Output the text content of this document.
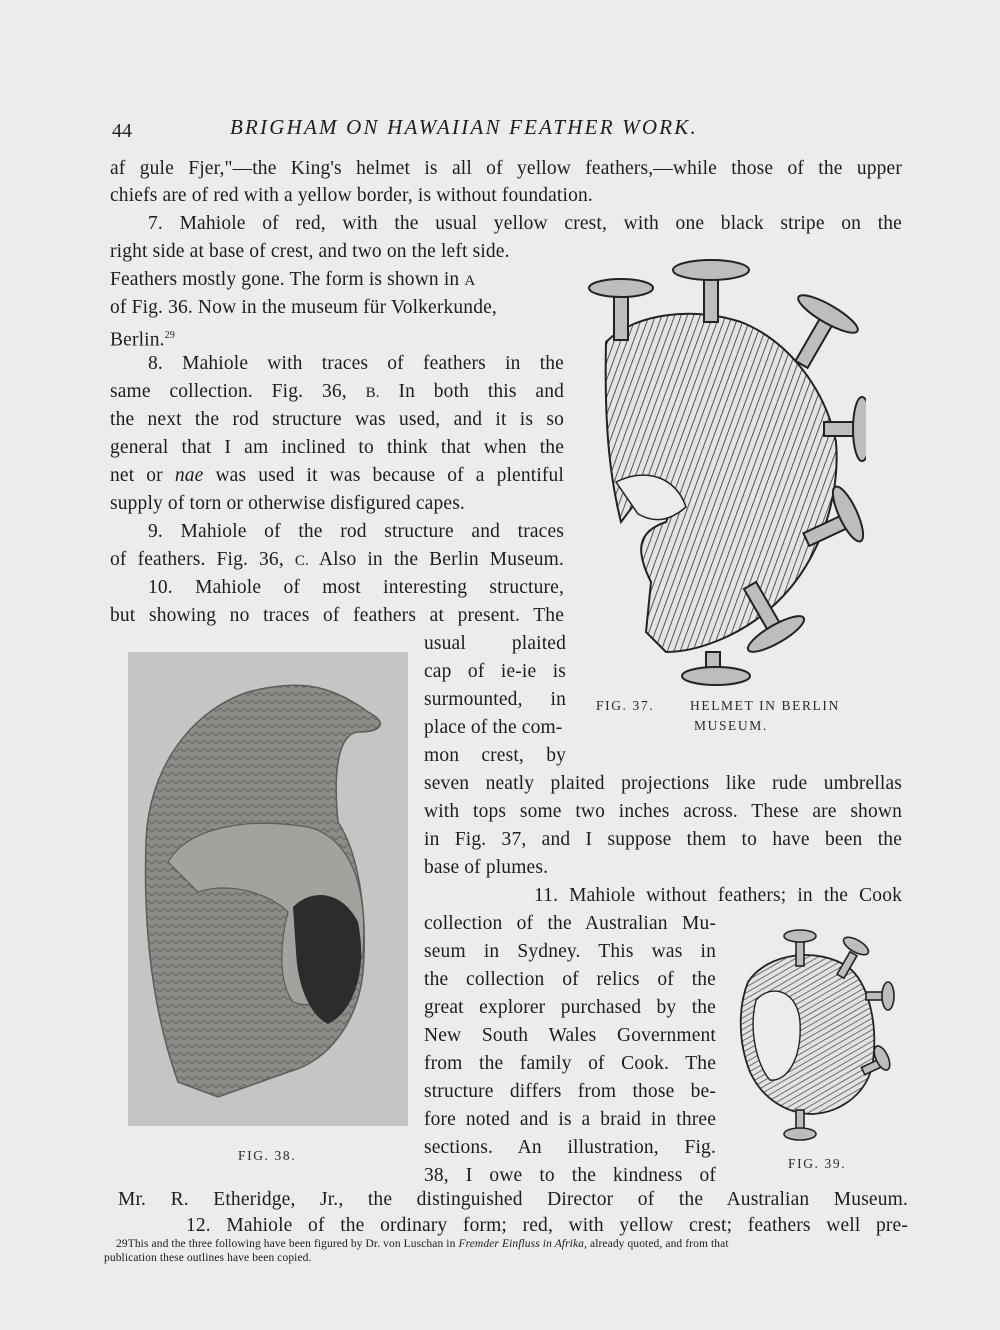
44	BRIGHAM ON HAWAIIAN FEATHER WORK.
af gule Fjer,"—the King's helmet is all of yellow feathers,—while those of the upper
chiefs are of red with a yellow border, is without foundation.
7. Mahiole of red, with the usual yellow crest, with one black stripe on the
right side at base of crest, and two on the left side.
Feathers mostly gone. The form is shown in A
of Fig. 36. Now in the museum für Volkerkunde,
Berlin.$^{29}$
8. Mahiole with traces of feathers in the
same collection. Fig. 36, B. In both this and
the next the rod structure was used, and it is so
general that I am inclined to think that when the
net or nae was used it was because of a plentiful
supply of torn or otherwise disfigured capes.
9. Mahiole of the rod structure and traces
of feathers. Fig. 36, C. Also in the Berlin Museum.
10. Mahiole of most interesting structure,
but showing no traces of feathers at present. The
usual plaited
cap of ie-ie is
surmounted, in
place of the com-
mon crest, by
seven neatly plaited projections like rude umbrellas
with tops some two inches across. These are shown
in Fig. 37, and I suppose them to have been the
base of plumes.
11. Mahiole without feathers; in the Cook
collection of the Australian Mu-
seum in Sydney. This was in
the collection of relics of the
great explorer purchased by the
New South Wales Government
from the family of Cook. The
structure differs from those be-
fore noted and is a braid in three
sections. An illustration, Fig.
38, I owe to the kindness of
Mr. R. Etheridge, Jr., the distinguished Director of the Australian Museum.
12. Mahiole of the ordinary form; red, with yellow crest; feathers well pre-
FIG. 37.	HELMET IN BERLIN
MUSEUM.
FIG. 38.
FIG. 39.
29This and the three following have been figured by Dr. von Luschan in Fremder Einfluss in Afrika, already quoted, and from that
publication these outlines have been copied.
